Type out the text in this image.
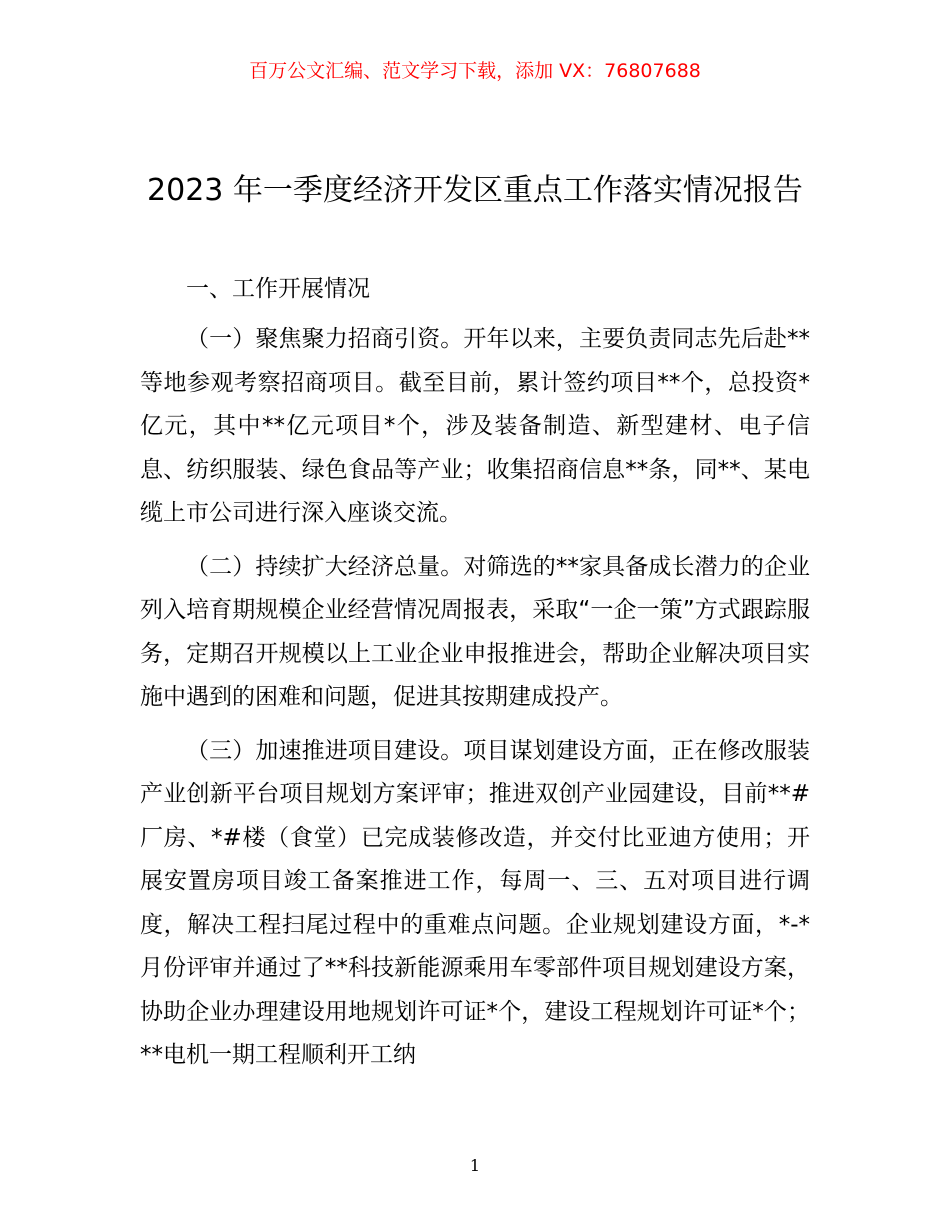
百万公文汇编、范文学习下载，添加 VX：76807688
2023 年一季度经济开发区重点工作落实情况报告

一、工作开展情况

（一）聚焦聚力招商引资。开年以来，主要负责同志先后赴**等地参观考察招商项目。截至目前，累计签约项目**个，总投资*亿元，其中**亿元项目*个，涉及装备制造、新型建材、电子信息、纺织服装、绿色食品等产业；收集招商信息**条，同**、某电缆上市公司进行深入座谈交流。

（二）持续扩大经济总量。对筛选的**家具备成长潜力的企业列入培育期规模企业经营情况周报表，采取“一企一策”方式跟踪服务，定期召开规模以上工业企业申报推进会，帮助企业解决项目实施中遇到的困难和问题，促进其按期建成投产。

（三）加速推进项目建设。项目谋划建设方面，正在修改服装产业创新平台项目规划方案评审；推进双创产业园建设，目前**#厂房、*#楼（食堂）已完成装修改造，并交付比亚迪方使用；开展安置房项目竣工备案推进工作，每周一、三、五对项目进行调度，解决工程扫尾过程中的重难点问题。企业规划建设方面，*-*月份评审并通过了**科技新能源乘用车零部件项目规划建设方案，协助企业办理建设用地规划许可证*个，建设工程规划许可证*个；**电机一期工程顺利开工纳

1
